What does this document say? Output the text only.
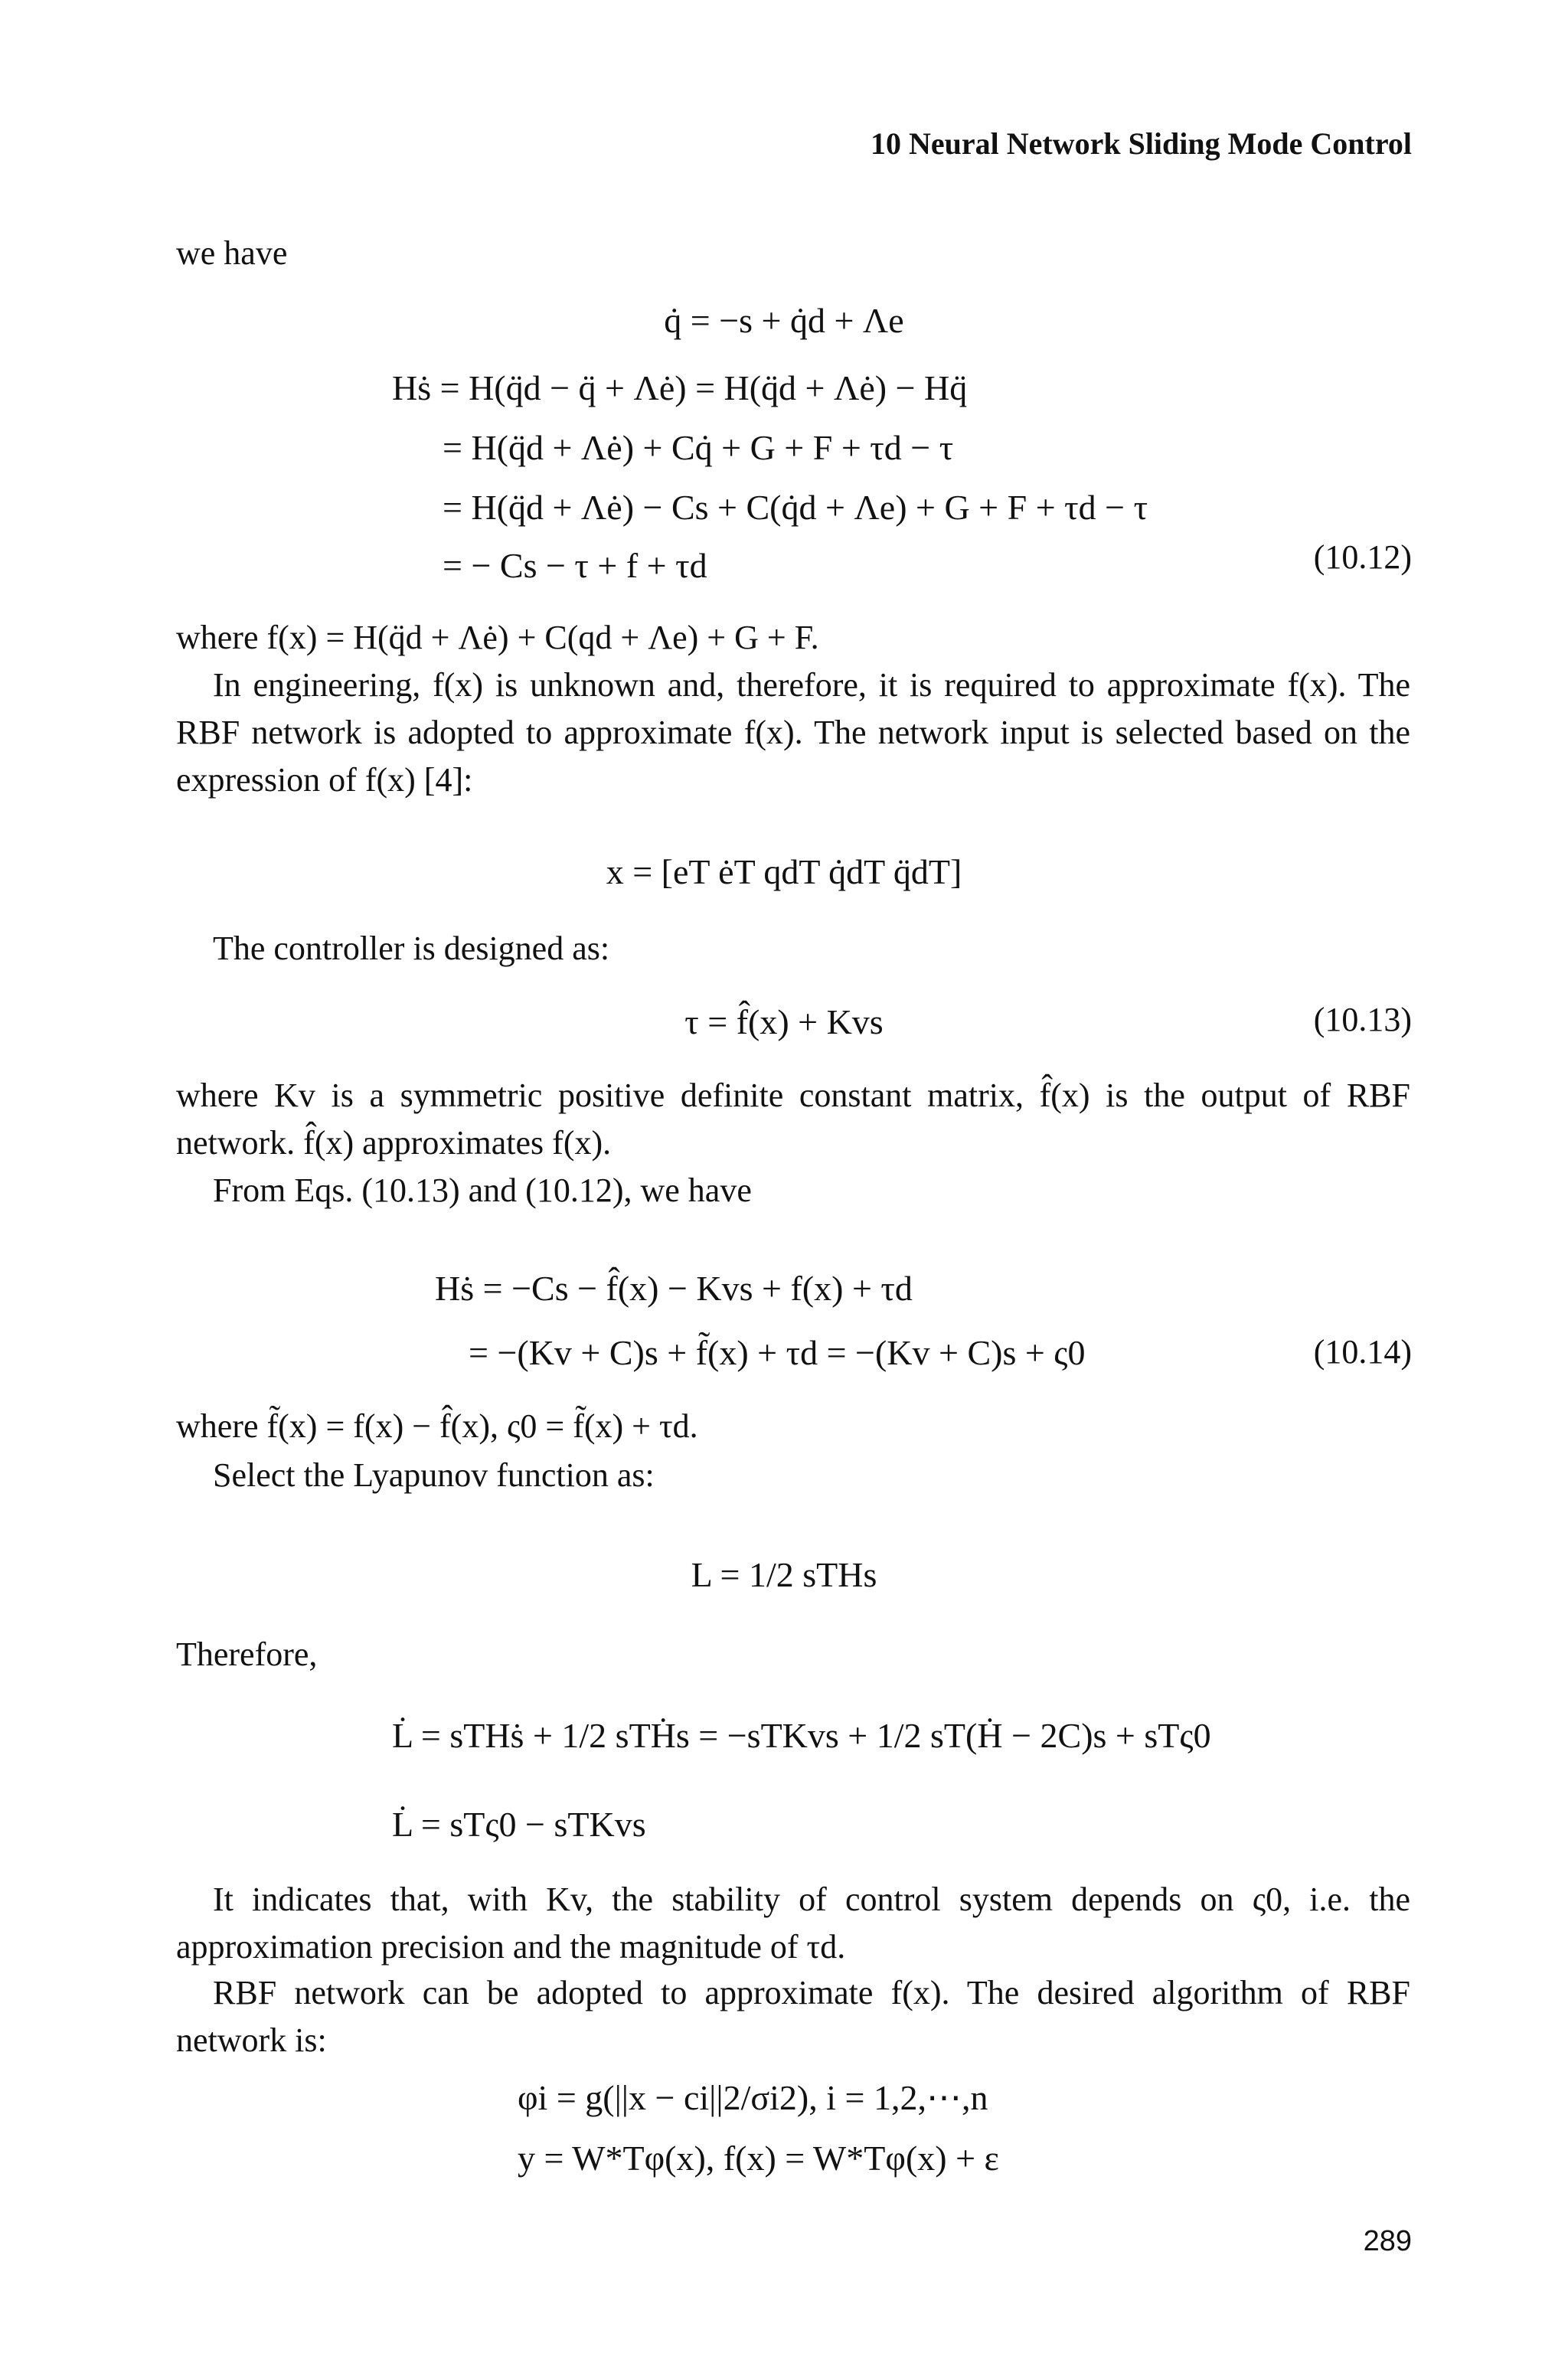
10 Neural Network Sliding Mode Control
we have
q̇ = −s + q̇d + Λe
Hṡ = H(q̈d − q̈ + Λė) = H(q̈d + Λė) − Hq̈
= H(q̈d + Λė) + Cq̇ + G + F + τd − τ
= H(q̈d + Λė) − Cs + C(q̇d + Λe) + G + F + τd − τ
= − Cs − τ + f + τd	(10.12)
where f(x) = H(q̈d + Λė) + C(qd + Λe) + G + F.
In engineering, f(x) is unknown and, therefore, it is required to approximate f(x). The RBF network is adopted to approximate f(x). The network input is selected based on the expression of f(x) [4]:
x = [eT ėT qdT q̇dT q̈dT]
The controller is designed as:
τ = f̂(x) + Kvs	(10.13)
where Kv is a symmetric positive definite constant matrix, f̂(x) is the output of RBF network. f̂(x) approximates f(x).
From Eqs. (10.13) and (10.12), we have
Hṡ = −Cs − f̂(x) − Kvs + f(x) + τd
= −(Kv + C)s + f̃(x) + τd = −(Kv + C)s + ς0	(10.14)
where f̃(x) = f(x) − f̂(x), ς0 = f̃(x) + τd.
Select the Lyapunov function as:
L = 1/2 sTHs
Therefore,
L̇ = sTHṡ + 1/2 sTḢs = −sTKvs + 1/2 sT(Ḣ − 2C)s + sTς0
L̇ = sTς0 − sTKvs
It indicates that, with Kv, the stability of control system depends on ς0, i.e. the approximation precision and the magnitude of τd.
RBF network can be adopted to approximate f(x). The desired algorithm of RBF network is:
φi = g(||x − ci||2/σi2), i = 1,2,⋯,n
y = W*Tφ(x), f(x) = W*Tφ(x) + ε
289
